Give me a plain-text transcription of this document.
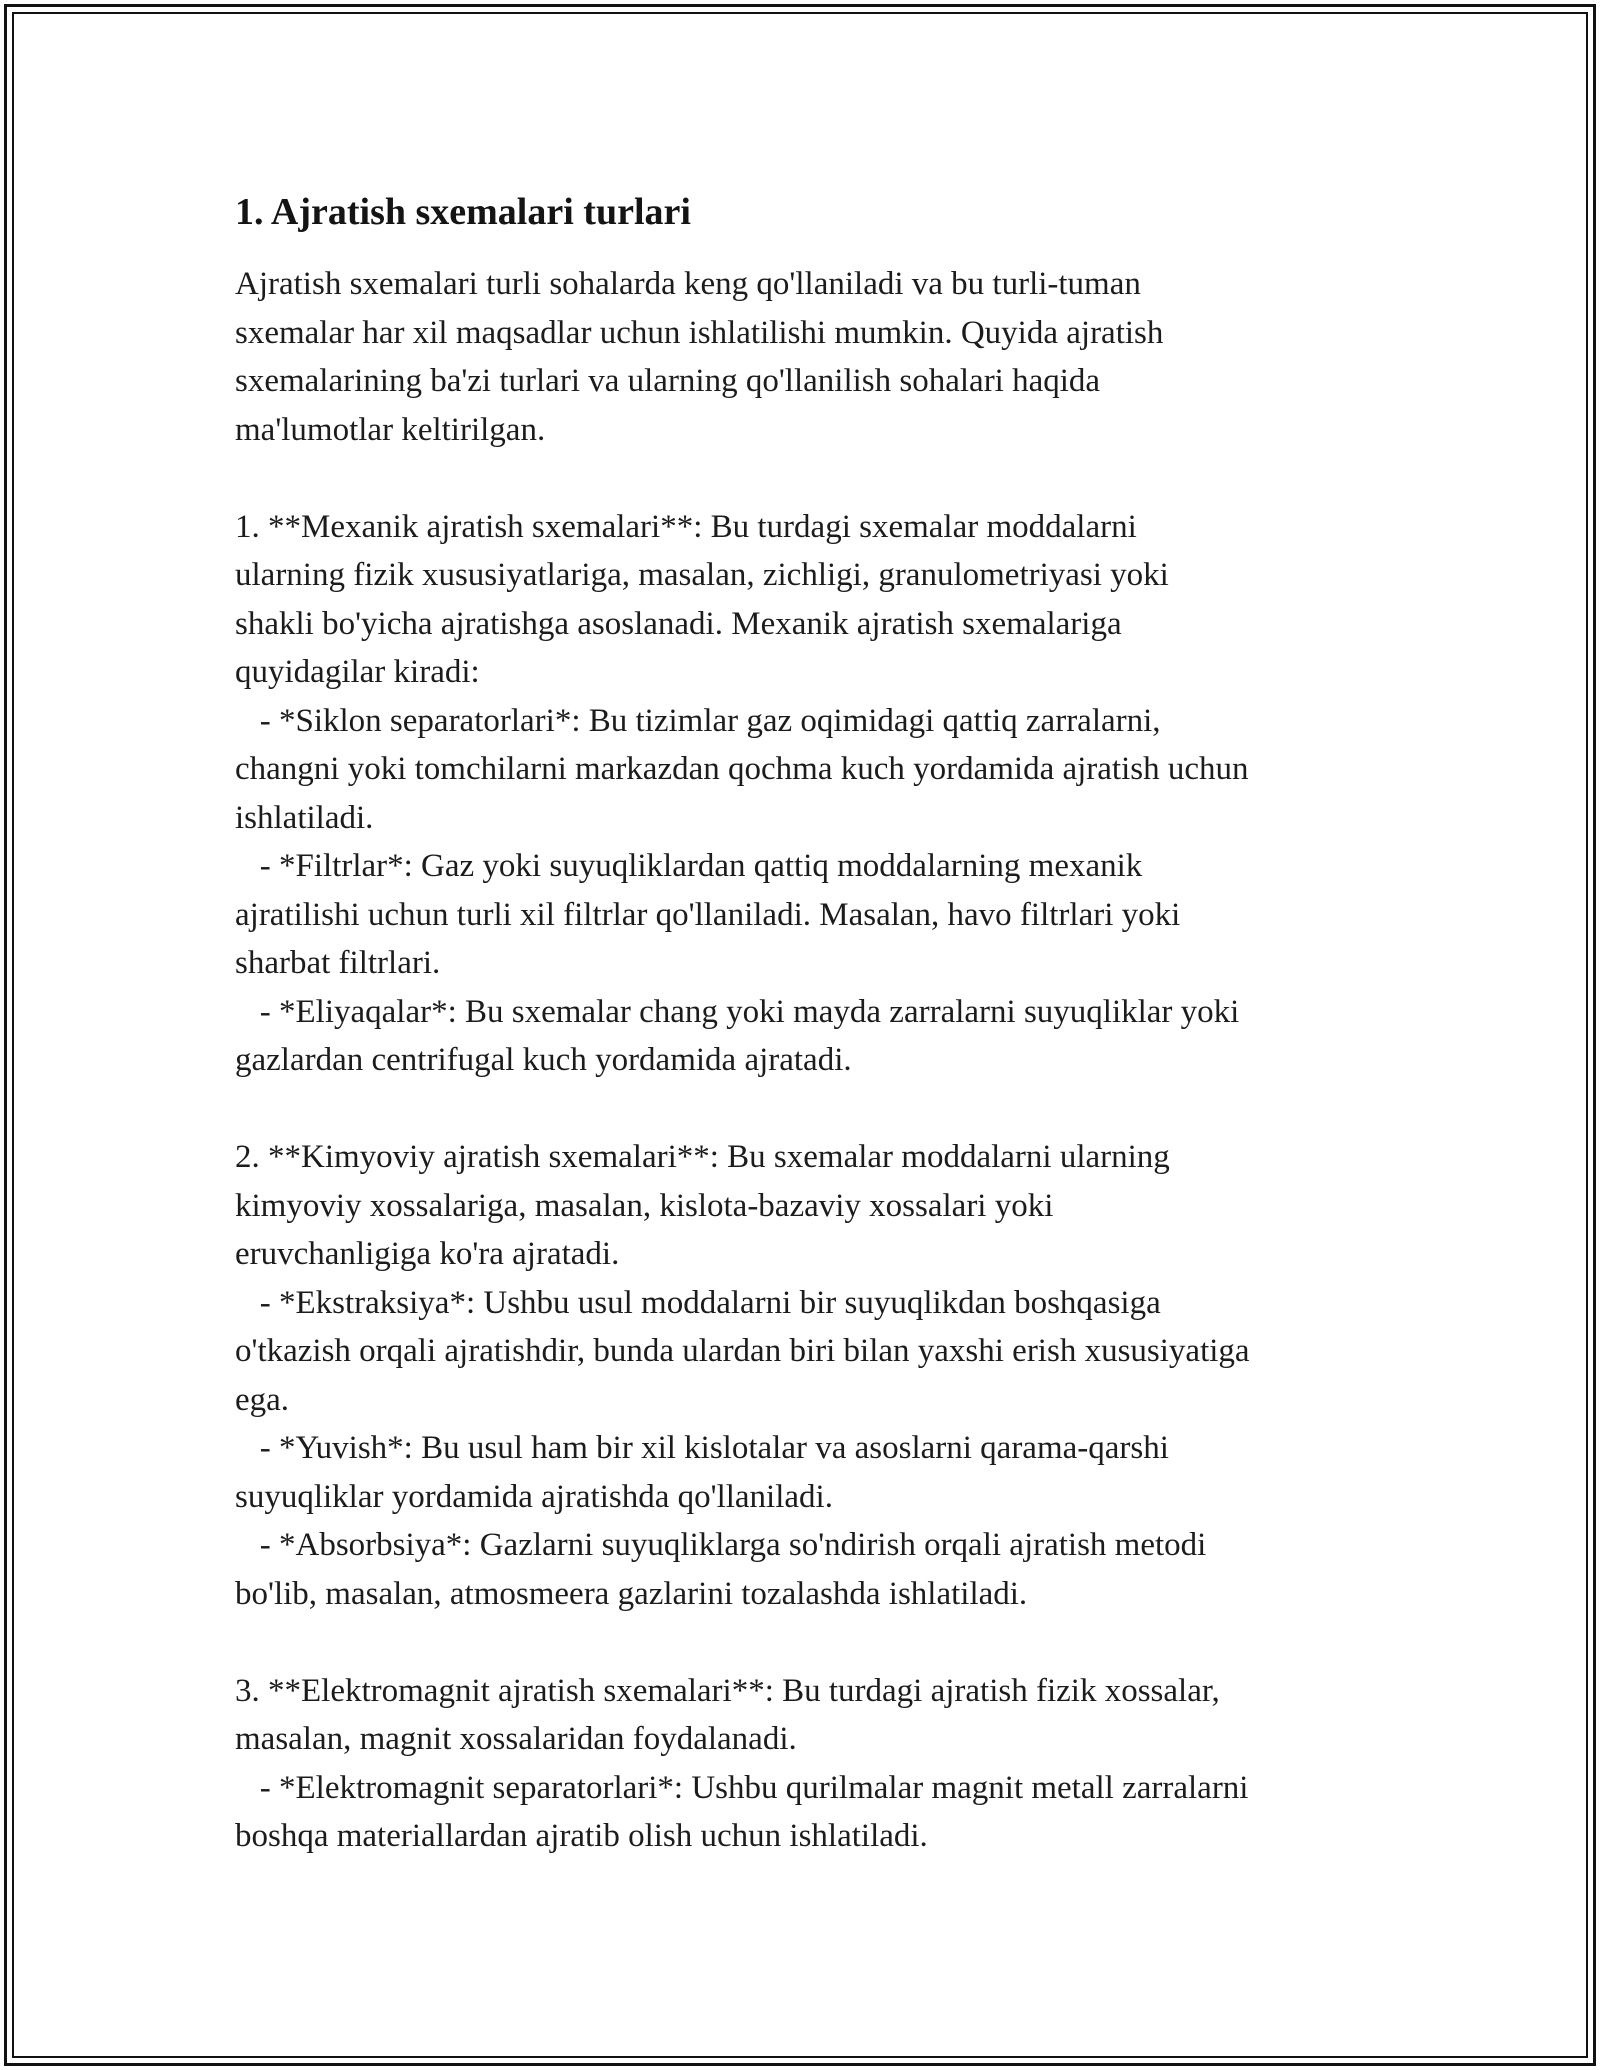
1. Ajratish sxemalari turlari

Ajratish sxemalari turli sohalarda keng qo'llaniladi va bu turli-tuman
sxemalar har xil maqsadlar uchun ishlatilishi mumkin. Quyida ajratish
sxemalarining ba'zi turlari va ularning qo'llanilish sohalari haqida
ma'lumotlar keltirilgan.

1. **Mexanik ajratish sxemalari**: Bu turdagi sxemalar moddalarni
ularning fizik xususiyatlariga, masalan, zichligi, granulometriyasi yoki
shakli bo'yicha ajratishga asoslanadi. Mexanik ajratish sxemalariga
quyidagilar kiradi:
- *Siklon separatorlari*: Bu tizimlar gaz oqimidagi qattiq zarralarni,
changni yoki tomchilarni markazdan qochma kuch yordamida ajratish uchun
ishlatiladi.
- *Filtrlar*: Gaz yoki suyuqliklardan qattiq moddalarning mexanik
ajratilishi uchun turli xil filtrlar qo'llaniladi. Masalan, havo filtrlari yoki
sharbat filtrlari.
- *Eliyaqalar*: Bu sxemalar chang yoki mayda zarralarni suyuqliklar yoki
gazlardan centrifugal kuch yordamida ajratadi.

2. **Kimyoviy ajratish sxemalari**: Bu sxemalar moddalarni ularning
kimyoviy xossalariga, masalan, kislota-bazaviy xossalari yoki
eruvchanligiga ko'ra ajratadi.
- *Ekstraksiya*: Ushbu usul moddalarni bir suyuqlikdan boshqasiga
o'tkazish orqali ajratishdir, bunda ulardan biri bilan yaxshi erish xususiyatiga
ega.
- *Yuvish*: Bu usul ham bir xil kislotalar va asoslarni qarama-qarshi
suyuqliklar yordamida ajratishda qo'llaniladi.
- *Absorbsiya*: Gazlarni suyuqliklarga so'ndirish orqali ajratish metodi
bo'lib, masalan, atmosmeera gazlarini tozalashda ishlatiladi.

3. **Elektromagnit ajratish sxemalari**: Bu turdagi ajratish fizik xossalar,
masalan, magnit xossalaridan foydalanadi.
- *Elektromagnit separatorlari*: Ushbu qurilmalar magnit metall zarralarni
boshqa materiallardan ajratib olish uchun ishlatiladi.
